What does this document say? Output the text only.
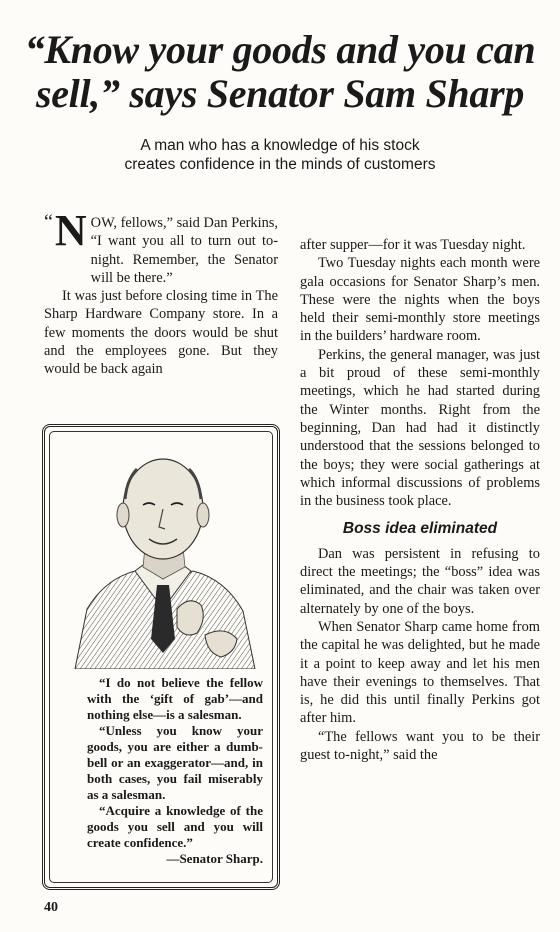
“Know your goods and you can
sell,” says Senator Sam Sharp
A man who has a knowledge of his stock creates confidence in the minds of customers
“ N OW, fellows,” said Dan Perkins, “I want you all to turn out to-night. Remember, the Senator will be there.”

It was just before closing time in The Sharp Hardware Company store. In a few moments the doors would be shut and the employees gone. But they would be back again

after supper—for it was Tuesday night.

Two Tuesday nights each month were gala occasions for Senator Sharp’s men. These were the nights when the boys held their semi-monthly store meetings in the builders’ hardware room.

Perkins, the general manager, was just a bit proud of these semi-monthly meetings, which he had started during the Winter months. Right from the beginning, Dan had had it distinctly understood that the sessions belonged to the boys; they were social gatherings at which informal discussions of problems in the business took place.

Boss idea eliminated

Dan was persistent in refusing to direct the meetings; the “boss” idea was eliminated, and the chair was taken over alternately by one of the boys.

When Senator Sharp came home from the capital he was delighted, but he made it a point to keep away and let his men have their evenings to themselves. That is, he did this until finally Perkins got after him.

“The fellows want you to be their guest to-night,” said the

“I do not believe the fellow with the ‘gift of gab’—and nothing else—is a salesman.

“Unless you know your goods, you are either a dumb-bell or an exaggerator—and, in both cases, you fail miserably as a salesman.

“Acquire a knowledge of the goods you sell and you will create confidence.”

—Senator Sharp.

40
